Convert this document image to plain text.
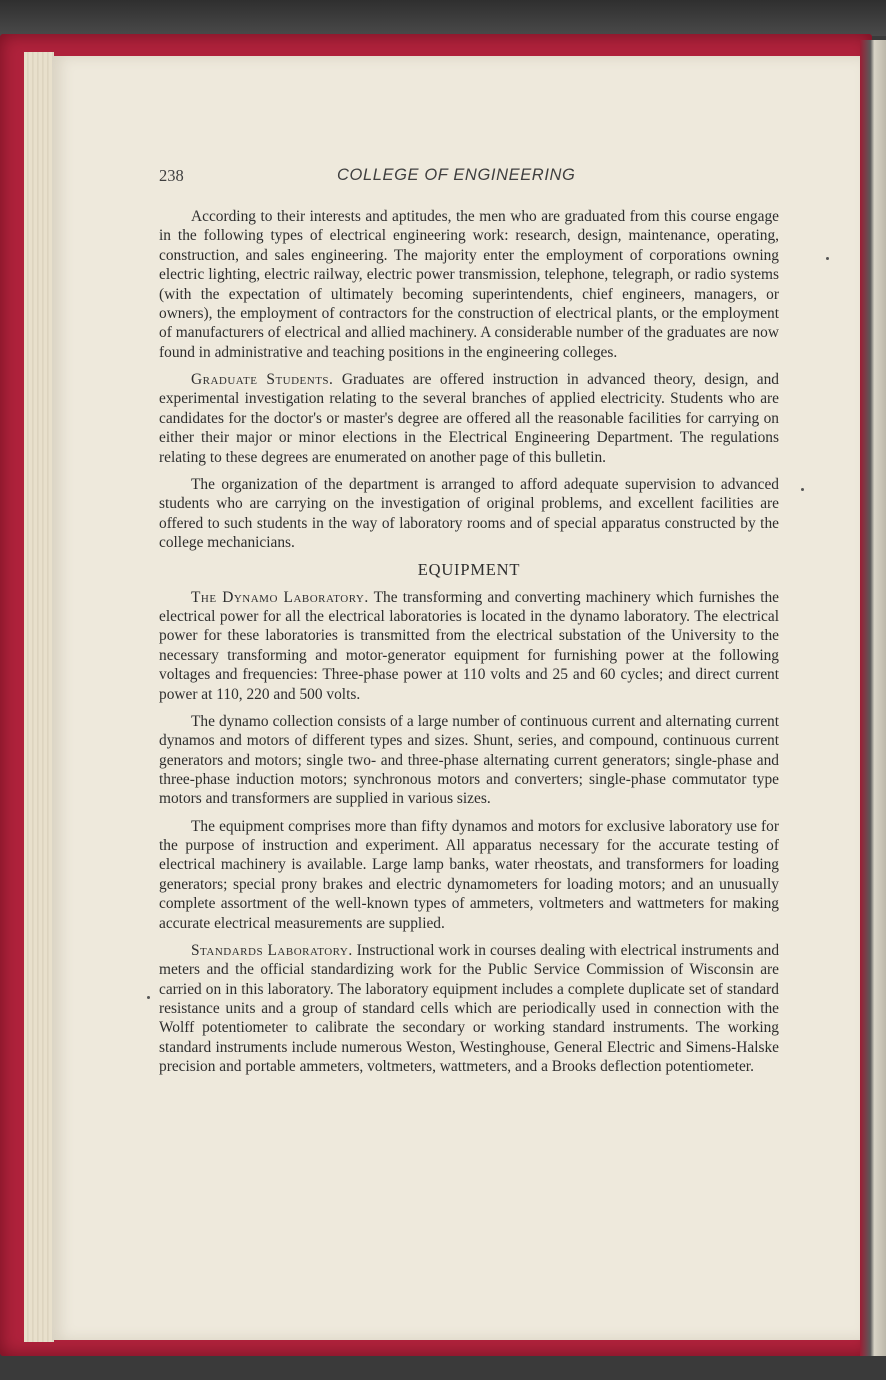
238	COLLEGE OF ENGINEERING

According to their interests and aptitudes, the men who are graduated from this course engage in the following types of electrical engineering work: research, design, maintenance, operating, construction, and sales engineering. The majority enter the employment of corporations owning electric lighting, electric railway, electric power transmission, telephone, telegraph, or radio systems (with the expectation of ultimately becoming superintendents, chief engineers, managers, or owners), the employment of contractors for the construction of electrical plants, or the employment of manufacturers of electrical and allied machinery. A considerable number of the graduates are now found in administrative and teaching positions in the engineering colleges.

Graduate Students. Graduates are offered instruction in advanced theory, design, and experimental investigation relating to the several branches of applied electricity. Students who are candidates for the doctor's or master's degree are offered all the reasonable facilities for carrying on either their major or minor elections in the Electrical Engineering Department. The regulations relating to these degrees are enumerated on another page of this bulletin.

The organization of the department is arranged to afford adequate supervision to advanced students who are carrying on the investigation of original problems, and excellent facilities are offered to such students in the way of laboratory rooms and of special apparatus constructed by the college mechanicians.

EQUIPMENT

The Dynamo Laboratory. The transforming and converting machinery which furnishes the electrical power for all the electrical laboratories is located in the dynamo laboratory. The electrical power for these laboratories is transmitted from the electrical substation of the University to the necessary transforming and motor-generator equipment for furnishing power at the following voltages and frequencies: Three-phase power at 110 volts and 25 and 60 cycles; and direct current power at 110, 220 and 500 volts.

The dynamo collection consists of a large number of continuous current and alternating current dynamos and motors of different types and sizes. Shunt, series, and compound, continuous current generators and motors; single two- and three-phase alternating current generators; single-phase and three-phase induction motors; synchronous motors and converters; single-phase commutator type motors and transformers are supplied in various sizes.

The equipment comprises more than fifty dynamos and motors for exclusive laboratory use for the purpose of instruction and experiment. All apparatus necessary for the accurate testing of electrical machinery is available. Large lamp banks, water rheostats, and transformers for loading generators; special prony brakes and electric dynamometers for loading motors; and an unusually complete assortment of the well-known types of ammeters, voltmeters and wattmeters for making accurate electrical measurements are supplied.

Standards Laboratory. Instructional work in courses dealing with electrical instruments and meters and the official standardizing work for the Public Service Commission of Wisconsin are carried on in this laboratory. The laboratory equipment includes a complete duplicate set of standard resistance units and a group of standard cells which are periodically used in connection with the Wolff potentiometer to calibrate the secondary or working standard instruments. The working standard instruments include numerous Weston, Westinghouse, General Electric and Simens-Halske precision and portable ammeters, voltmeters, wattmeters, and a Brooks deflection potentiometer.
